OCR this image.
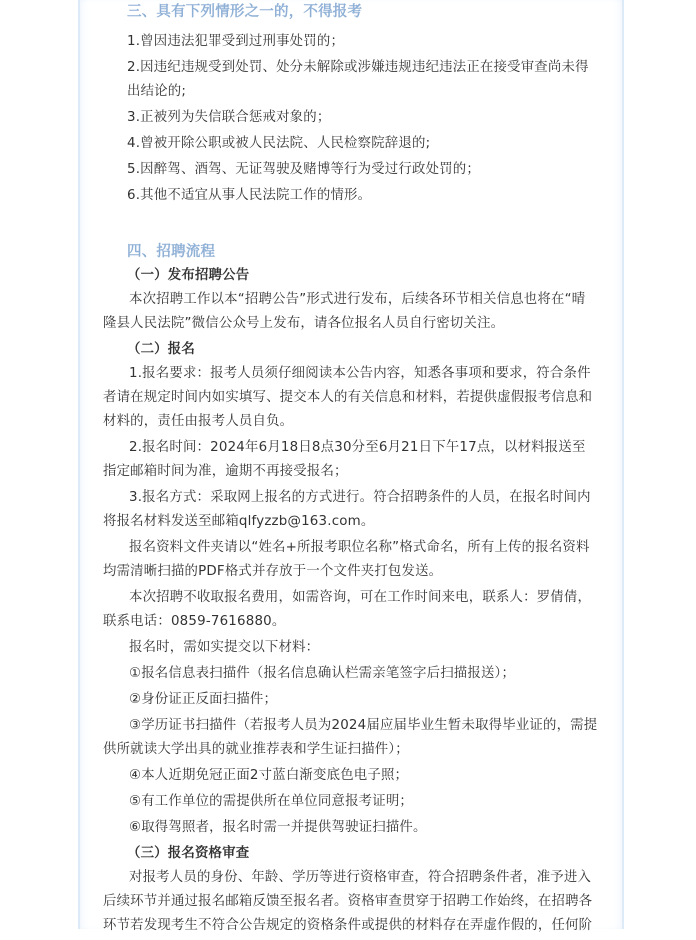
三、具有下列情形之一的，不得报考

1.曾因违法犯罪受到过刑事处罚的；

2.因违纪违规受到处罚、处分未解除或涉嫌违规违纪违法正在接受审查尚未得出结论的;

3.正被列为失信联合惩戒对象的；

4.曾被开除公职或被人民法院、人民检察院辞退的;

5.因醉驾、酒驾、无证驾驶及赌博等行为受过行政处罚的；

6.其他不适宜从事人民法院工作的情形。

四、招聘流程

（一）发布招聘公告

本次招聘工作以本“招聘公告”形式进行发布，后续各环节相关信息也将在“晴隆县人民法院”微信公众号上发布，请各位报名人员自行密切关注。

（二）报名

1.报名要求：报考人员须仔细阅读本公告内容，知悉各事项和要求，符合条件者请在规定时间内如实填写、提交本人的有关信息和材料，若提供虚假报考信息和材料的，责任由报考人员自负。

2.报名时间：2024年6月18日8点30分至6月21日下午17点，以材料报送至指定邮箱时间为准，逾期不再接受报名；

3.报名方式：采取网上报名的方式进行。符合招聘条件的人员，在报名时间内将报名材料发送至邮箱qlfyzzb@163.com。

报名资料文件夹请以“姓名+所报考职位名称”格式命名，所有上传的报名资料均需清晰扫描的PDF格式并存放于一个文件夹打包发送。

本次招聘不收取报名费用，如需咨询，可在工作时间来电，联系人：罗倩倩，联系电话：0859-7616880。

报名时，需如实提交以下材料：

①报名信息表扫描件（报名信息确认栏需亲笔签字后扫描报送）；

②身份证正反面扫描件；

③学历证书扫描件（若报考人员为2024届应届毕业生暂未取得毕业证的，需提供所就读大学出具的就业推荐表和学生证扫描件）；

④本人近期免冠正面2寸蓝白渐变底色电子照；

⑤有工作单位的需提供所在单位同意报考证明；

⑥取得驾照者，报名时需一并提供驾驶证扫描件。

（三）报名资格审查

对报考人员的身份、年龄、学历等进行资格审查，符合招聘条件者，准予进入后续环节并通过报名邮箱反馈至报名者。资格审查贯穿于招聘工作始终，在招聘各环节若发现考生不符合公告规定的资格条件或提供的材料存在弄虚作假的，任何阶
